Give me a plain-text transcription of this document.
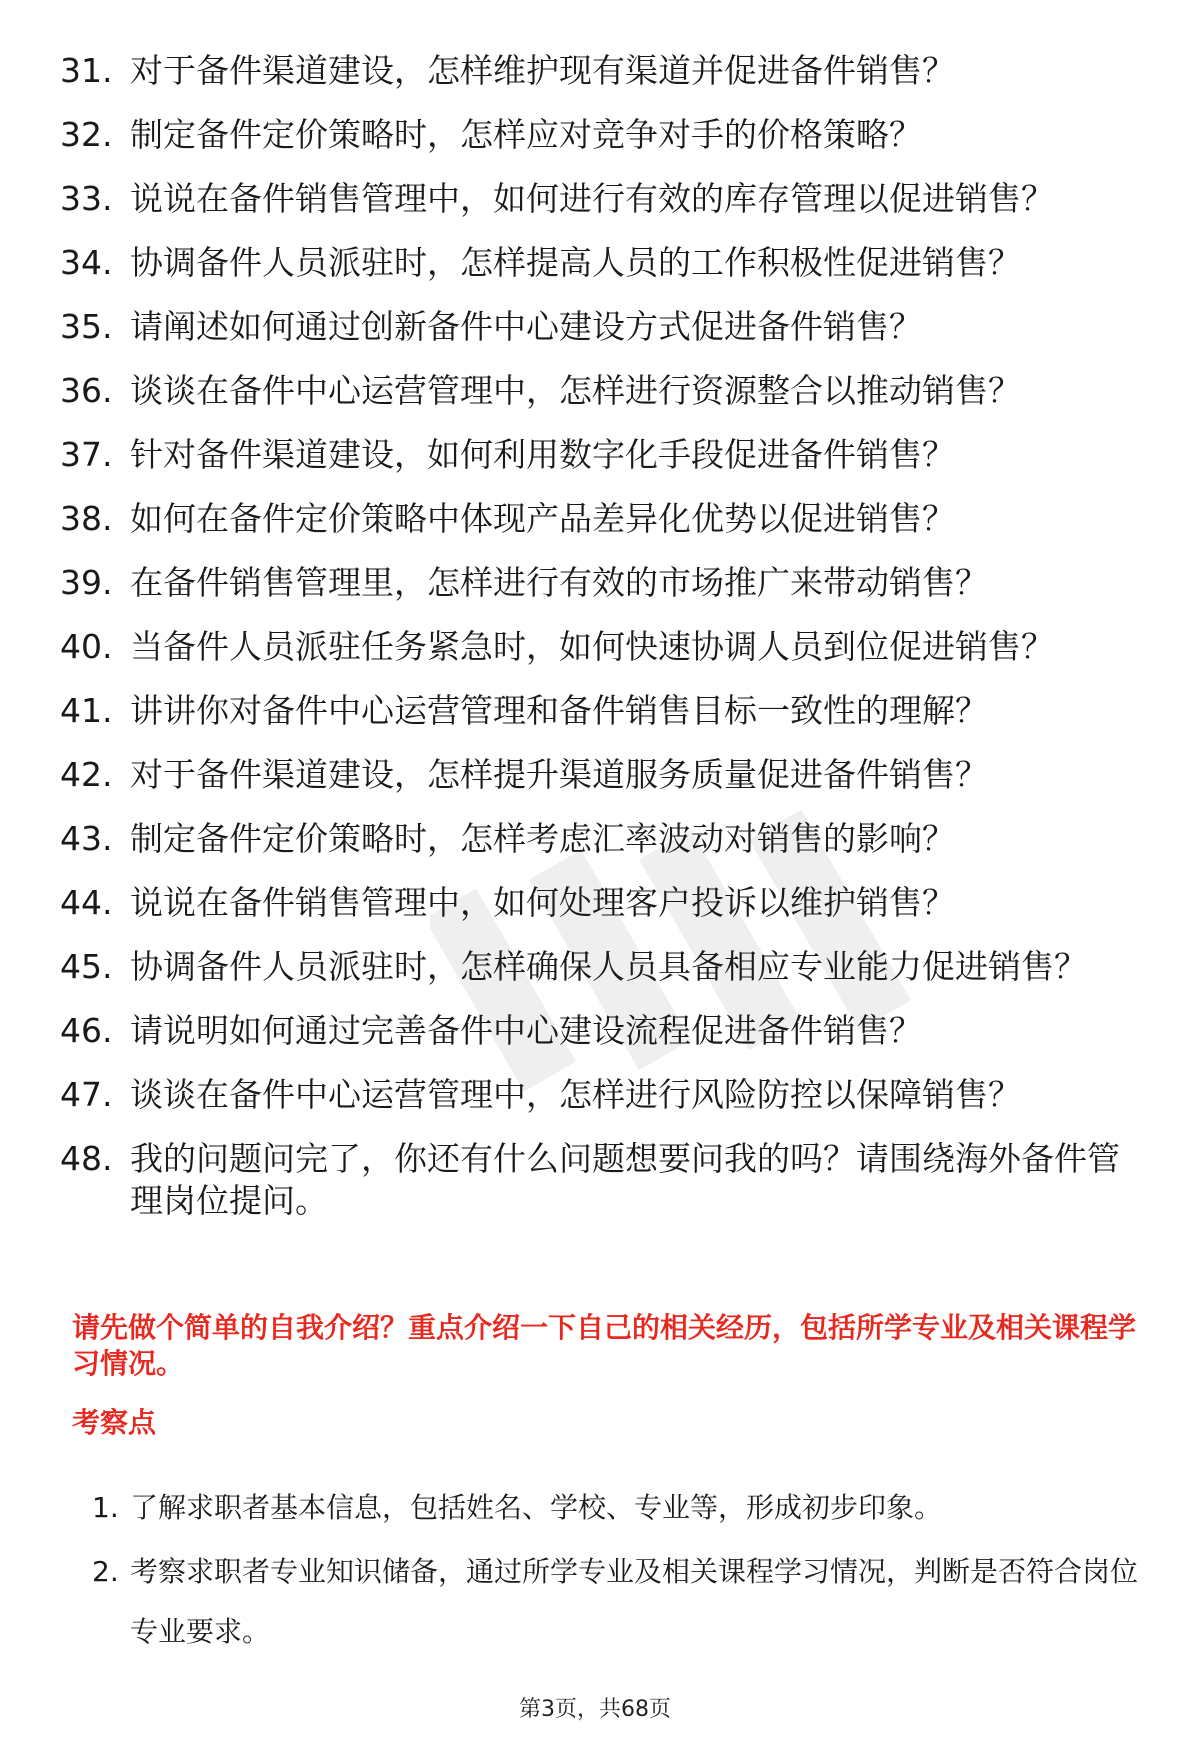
31. 对于备件渠道建设，怎样维护现有渠道并促进备件销售？
32. 制定备件定价策略时，怎样应对竞争对手的价格策略？
33. 说说在备件销售管理中，如何进行有效的库存管理以促进销售？
34. 协调备件人员派驻时，怎样提高人员的工作积极性促进销售？
35. 请阐述如何通过创新备件中心建设方式促进备件销售？
36. 谈谈在备件中心运营管理中，怎样进行资源整合以推动销售？
37. 针对备件渠道建设，如何利用数字化手段促进备件销售？
38. 如何在备件定价策略中体现产品差异化优势以促进销售？
39. 在备件销售管理里，怎样进行有效的市场推广来带动销售？
40. 当备件人员派驻任务紧急时，如何快速协调人员到位促进销售？
41. 讲讲你对备件中心运营管理和备件销售目标一致性的理解？
42. 对于备件渠道建设，怎样提升渠道服务质量促进备件销售？
43. 制定备件定价策略时，怎样考虑汇率波动对销售的影响？
44. 说说在备件销售管理中，如何处理客户投诉以维护销售？
45. 协调备件人员派驻时，怎样确保人员具备相应专业能力促进销售？
46. 请说明如何通过完善备件中心建设流程促进备件销售？
47. 谈谈在备件中心运营管理中，怎样进行风险防控以保障销售？
48. 我的问题问完了，你还有什么问题想要问我的吗？请围绕海外备件管理岗位提问。

请先做个简单的自我介绍？重点介绍一下自己的相关经历，包括所学专业及相关课程学习情况。

考察点

1. 了解求职者基本信息，包括姓名、学校、专业等，形成初步印象。
2. 考察求职者专业知识储备，通过所学专业及相关课程学习情况，判断是否符合岗位专业要求。
第3页，共68页
